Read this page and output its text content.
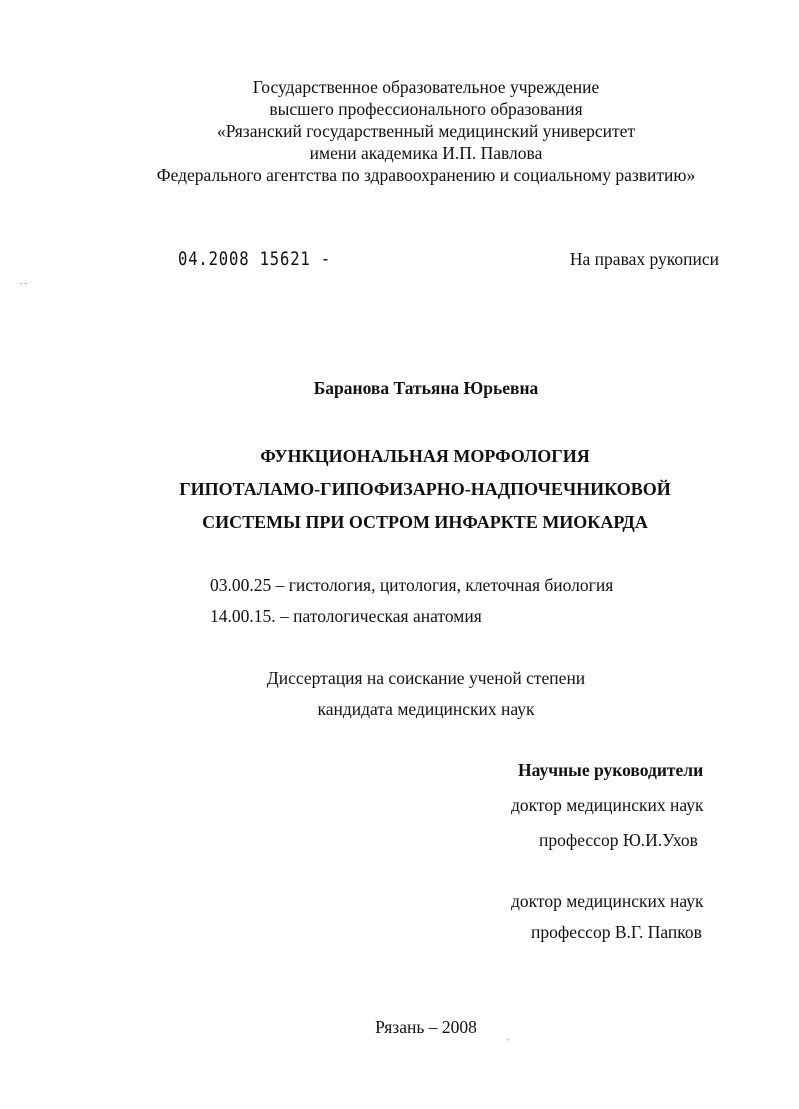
Государственное образовательное учреждение
высшего профессионального образования
«Рязанский государственный медицинский университет
имени академика И.П. Павлова
Федерального агентства по здравоохранению и социальному развитию»
04.2008 15621 -	На правах рукописи
. .
Баранова Татьяна Юрьевна
ФУНКЦИОНАЛЬНАЯ МОРФОЛОГИЯ
ГИПОТАЛАМО-ГИПОФИЗАРНО-НАДПОЧЕЧНИКОВОЙ
СИСТЕМЫ ПРИ ОСТРОМ ИНФАРКТЕ МИОКАРДА
03.00.25 – гистология, цитология, клеточная биология
14.00.15. – патологическая анатомия
Диссертация на соискание ученой степени
кандидата медицинских наук
Научные руководители
доктор медицинских наук
профессор Ю.И.Ухов
доктор медицинских наук
профессор В.Г. Папков
Рязань – 2008
˚
